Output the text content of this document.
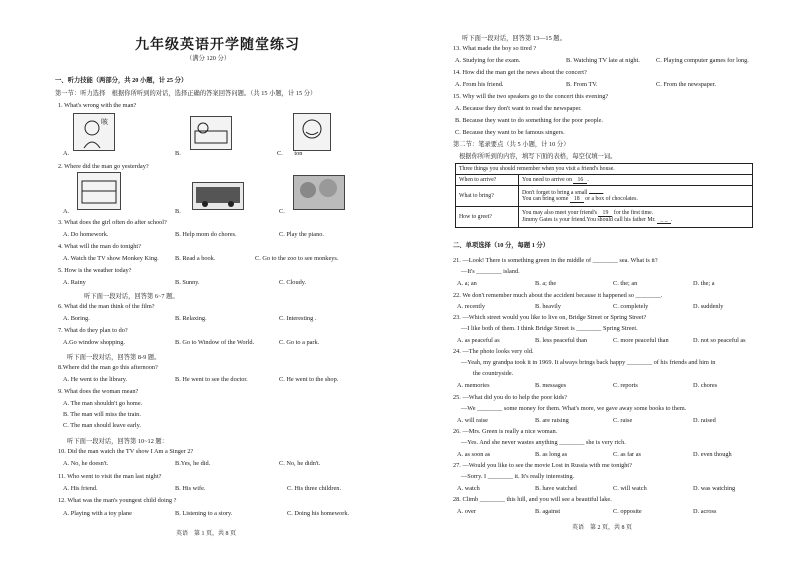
九年级英语开学随堂练习
（满分 120 分）
一、听力技能（两部分，共 20 小题，计 25 分）
第一节：听力选择　根据你所听到的对话，选择正确的答案回答问题。（共 15 小题，计 15 分）
1. What's wrong with the man?
咳
A.	B.	C. ton
2. Where did the man go yesterday?
A.	B.	C.
3. What does the girl often do after school?
A. Do homework.	B. Help mom do chores.	C. Play the piano.
4. What will the man do tonight?
A. Watch the TV show Monkey King.	B. Read a book.	C. Go to the zoo to see monkeys.
5. How is the weather today?
A. Rainy	B. Sunny.	C. Cloudy.
听下面一段对话，回答第 6~7 题。
6. What did the man think of the film?
A. Boring.	B. Relaxing.	C. Interesting .
7. What do they plan to do?
A.Go window shopping.	B. Go to Window of the World.	C. Go to a park.
听下面一段对话，回答第 8-9 题。
8.Where did the man go this afternoon?
A. He went to the library.	B. He went to see the doctor.	C. He went to the shop.
9. What does the woman mean?
A. The man shouldn't go home.
B. The man will miss the train.
C. The man should leave early.
听下面一段对话，回答第 10~12 题：
10. Did the man watch the TV show I Am a Singer 2?
A. No, he doesn't.	B.Yes, he did.	C. No, he didn't.
11. Who went to visit the man last night?
A. His friend.	B. His wife.	C. His three children.
12. What was the man's youngest child doing ?
A. Playing with a toy plane	B. Listening to a story.	C. Doing his homework.
英语　第 1 页，共 8 页
听下面一段对话，回答第 13—15 题。
13. What made the boy so tired ?
A. Studying for the exam.	B. Watching TV late at night.	C. Playing computer games for long.
14. How did the man get the news about the concert?
A. From his friend.	B. From TV.	C. From the newspaper.
15. Why will the two speakers go to the concert this evening?
A. Because they don't want to read the newspaper.
B. Because they want to do something for the poor people.
C. Because they want to be famous singers.
第二节：笔录要点（共 5 小题，计 10 分）
根据你所听到的内容，填写下面的表格，每空仅填一词。
Three things you should remember when you visit a friend's house.	
When to arrive?	You need to arrive on 16 .
What to bring?	Don't forget to bring a small .
You can bring some 18 or a box of chocolates.

How to greet?	You may also meet your friend's 19 for the first time.
Jimmy Gates is your friend.You should call his father Mr. _ _.
二、单项选择（10 分，每题 1 分）
21. —Look! There is something green in the middle of ________ sea. What is it?
—It's ________ island.
A. a; an	B. a; the	C. the; an	D. the; a
22. We don't remember much about the accident because it happened so ________.
A. recently	B. heavily	C. completely	D. suddenly
23. —Which street would you like to live on, Bridge Street or Spring Street?
—I like both of them. I think Bridge Street is ________ Spring Street.
A. as peaceful as	B. less peaceful than	C. more peaceful than	D. not so peaceful as
24. —The photo looks very old.
—Yeah, my grandpa took it in 1969. It always brings back happy ________ of his friends and him in
the countryside.
A. memories	B. messages	C. reports	D. chores
25. —What did you do to help the poor kids?
—We ________ some money for them. What's more, we gave away some books to them.
A. will raise	B. are raising	C. raise	D. raised
26. —Mrs. Green is really a nice woman.
—Yes. And she never wastes anything ________ she is very rich.
A. as soon as	B. as long as	C. as far as	D. even though
27. —Would you like to see the movie Lost in Russia with me tonight?
—Sorry. I ________ it. It's really interesting.
A. watch	B. have watched	C. will watch	D. was watching
28. Climb ________ this hill, and you will see a beautiful lake.
A. over	B. against	C. opposite	D. across
英语　第 2 页，共 8 页
